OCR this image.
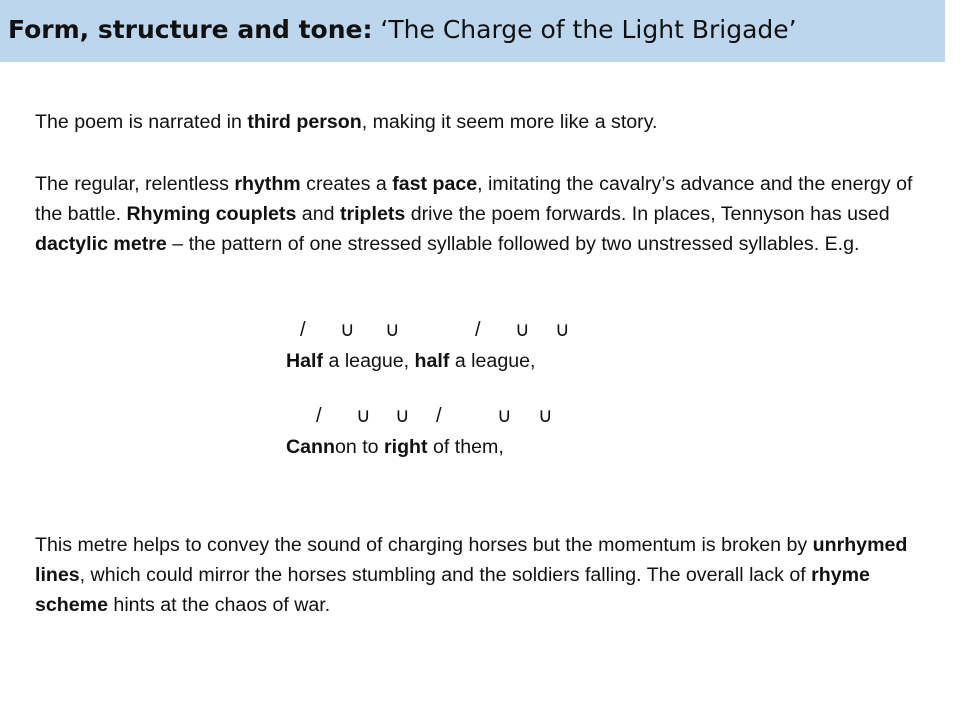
Form, structure and tone: ‘The Charge of the Light Brigade’

The poem is narrated in third person, making it seem more like a story.

The regular, relentless rhythm creates a fast pace, imitating the cavalry’s advance and the energy of the battle. Rhyming couplets and triplets drive the poem forwards. In places, Tennyson has used dactylic metre – the pattern of one stressed syllable followed by two unstressed syllables. E.g.

/ ∪ ∪	/ ∪ ∪

Half a league, half a league,

/ ∪ ∪ /	∪ ∪

Cannon to right of them,

This metre helps to convey the sound of charging horses but the momentum is broken by unrhymed lines, which could mirror the horses stumbling and the soldiers falling. The overall lack of rhyme scheme hints at the chaos of war.
